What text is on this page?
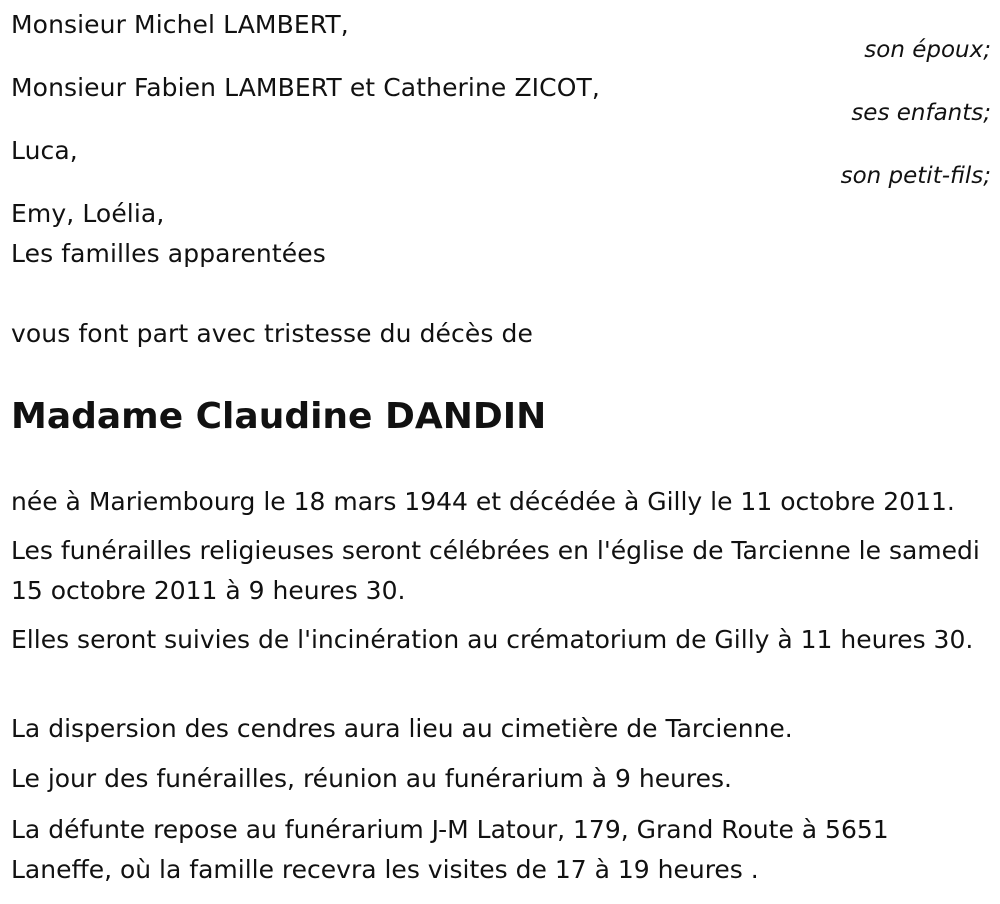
Monsieur Michel LAMBERT,
son époux;
Monsieur Fabien LAMBERT et Catherine ZICOT,
ses enfants;
Luca,
son petit-fils;
Emy, Loélia,
Les familles apparentées
vous font part avec tristesse du décès de
Madame Claudine DANDIN

née à Mariembourg le 18 mars 1944 et décédée à Gilly le 11 octobre 2011.

Les funérailles religieuses seront célébrées en l'église de Tarcienne le samedi 15 octobre 2011 à 9 heures 30.

Elles seront suivies de l'incinération au crématorium de Gilly à 11 heures 30.

La dispersion des cendres aura lieu au cimetière de Tarcienne.

Le jour des funérailles, réunion au funérarium à 9 heures.

La défunte repose au funérarium J-M Latour, 179, Grand Route à 5651 Laneffe, où la famille recevra les visites de 17 à 19 heures .
